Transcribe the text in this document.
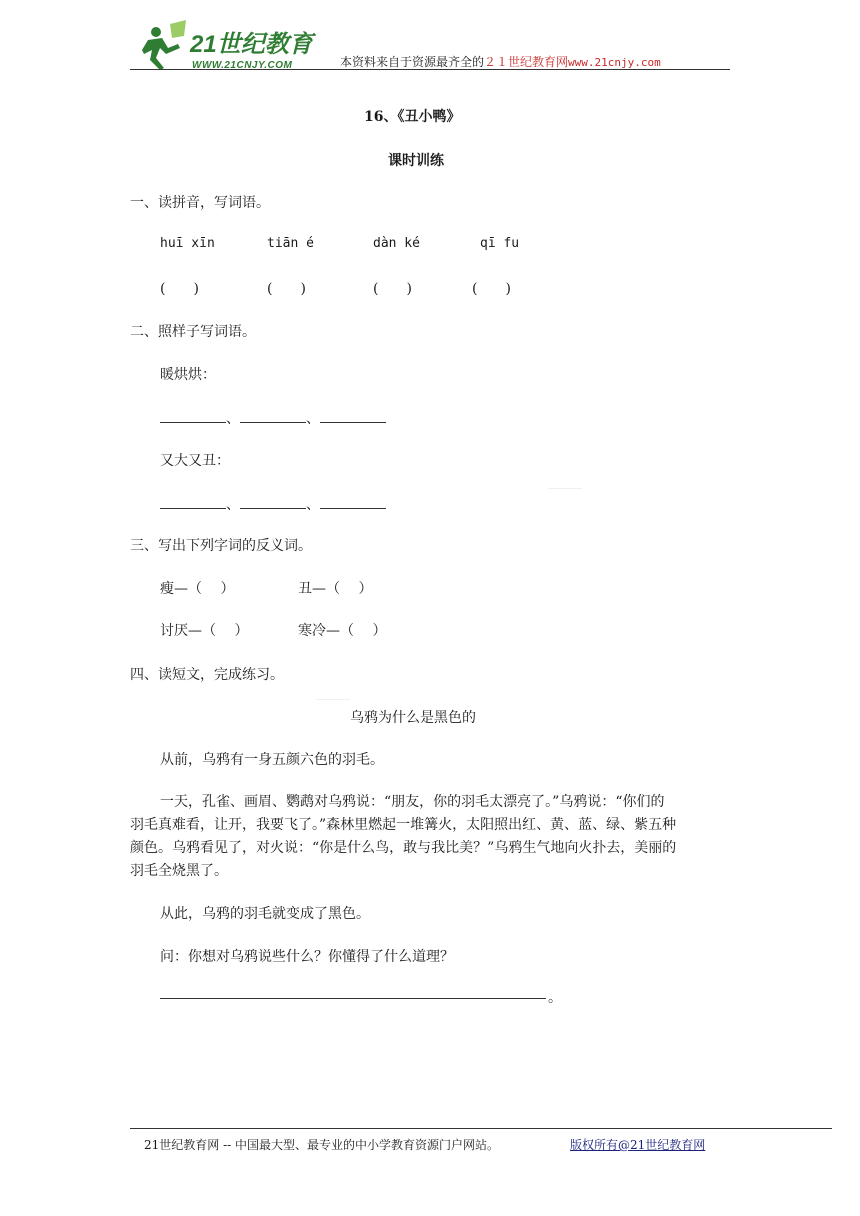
21世纪教育
WWW.21CNJY.COM	本资料来自于资源最齐全的２１世纪教育网www.21cnjy.com
16、《丑小鸭》
课时训练
一、读拼音，写词语。
huī xīn	tiān é	dàn ké	qī fu
(　　)	(　　)	(　　)	(　　)
二、照样子写词语。
暖烘烘：
、	、
又大又丑：
、	、
三、写出下列字词的反义词。
瘦—（　 ）	丑—（　 ）
讨厌—（　 ）	寒冷—（　 ）
四、读短文，完成练习。
乌鸦为什么是黑色的
从前，乌鸦有一身五颜六色的羽毛。
一天，孔雀、画眉、鹦鹉对乌鸦说：“朋友，你的羽毛太漂亮了。”乌鸦说：“你们的
羽毛真难看，让开，我要飞了。”森林里燃起一堆篝火，太阳照出红、黄、蓝、绿、紫五种
颜色。乌鸦看见了，对火说：“你是什么鸟，敢与我比美？”乌鸦生气地向火扑去，美丽的
羽毛全烧黑了。
从此，乌鸦的羽毛就变成了黑色。
问：你想对乌鸦说些什么？你懂得了什么道理？
。
21世纪教育网 -- 中国最大型、最专业的中小学教育资源门户网站。	版权所有@21世纪教育网
